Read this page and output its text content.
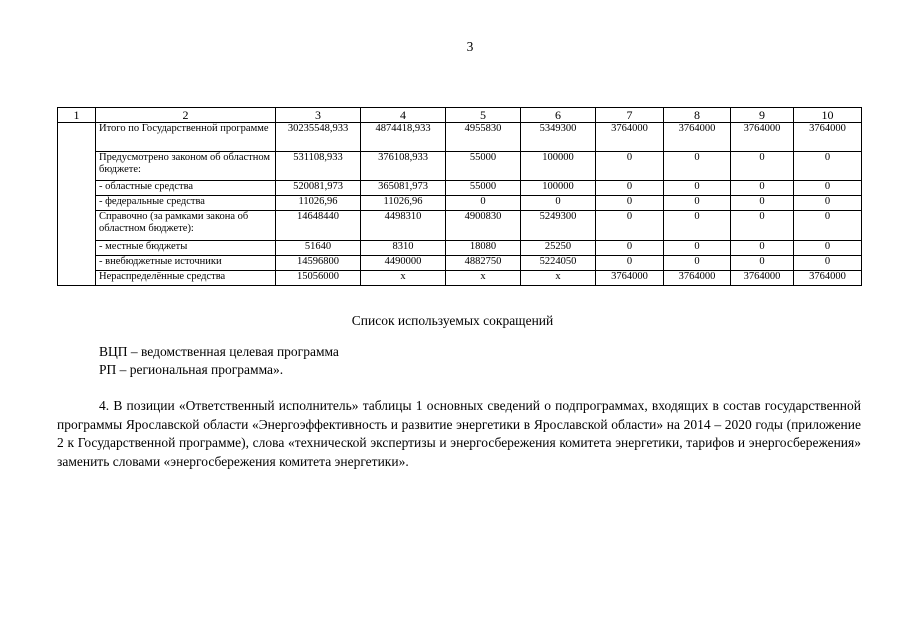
3
1	2	3	4	5	6	7	8	9	10
	Итого по Государственной программе	30235548,933	4874418,933	4955830	5349300	3764000	3764000	3764000	3764000
	Предусмотрено законом об областном бюджете:	531108,933	376108,933	55000	100000	0	0	0	0
	- областные средства	520081,973	365081,973	55000	100000	0	0	0	0
	- федеральные средства	11026,96	11026,96	0	0	0	0	0	0
	Справочно (за рамками закона об областном бюджете):	14648440	4498310	4900830	5249300	0	0	0	0
	- местные бюджеты	51640	8310	18080	25250	0	0	0	0
	- внебюджетные источники	14596800	4490000	4882750	5224050	0	0	0	0
	Нераспределённые средства	15056000	х	х	х	3764000	3764000	3764000	3764000
Список используемых сокращений
ВЦП – ведомственная целевая программа
РП – региональная программа».
4. В позиции «Ответственный исполнитель» таблицы 1 основных сведений о подпрограммах, входящих в состав государственной программы Ярославской области «Энергоэффективность и развитие энергетики в Ярославской области» на 2014 – 2020 годы (приложение 2 к Государственной программе), слова «технической экспертизы и энергосбережения комитета энергетики, тарифов и энергосбережения» заменить словами «энергосбережения комитета энергетики».
